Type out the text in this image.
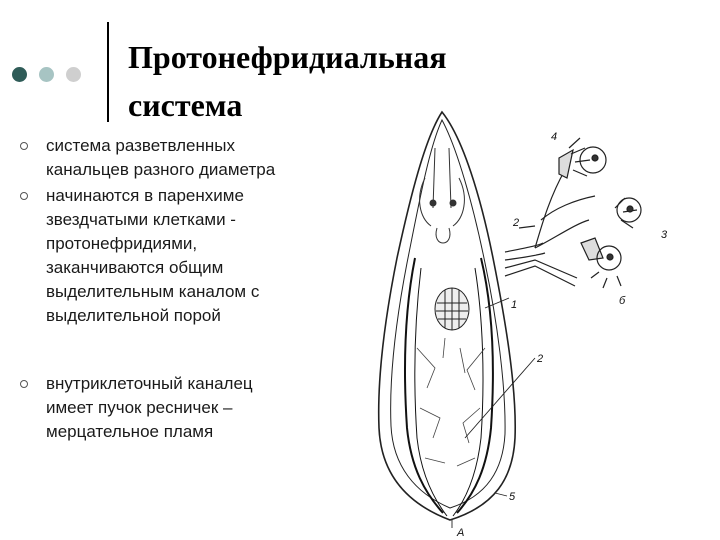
Протонефридиальная
система
система разветвленных
канальцев разного диаметра
начинаются в паренхиме
звездчатыми клетками -
протонефридиями,
заканчиваются общим
выделительным каналом с
выделительной порой
внутриклеточный каналец
имеет пучок ресничек –
мерцательное пламя
4
2
3
1	б
2
5
А
